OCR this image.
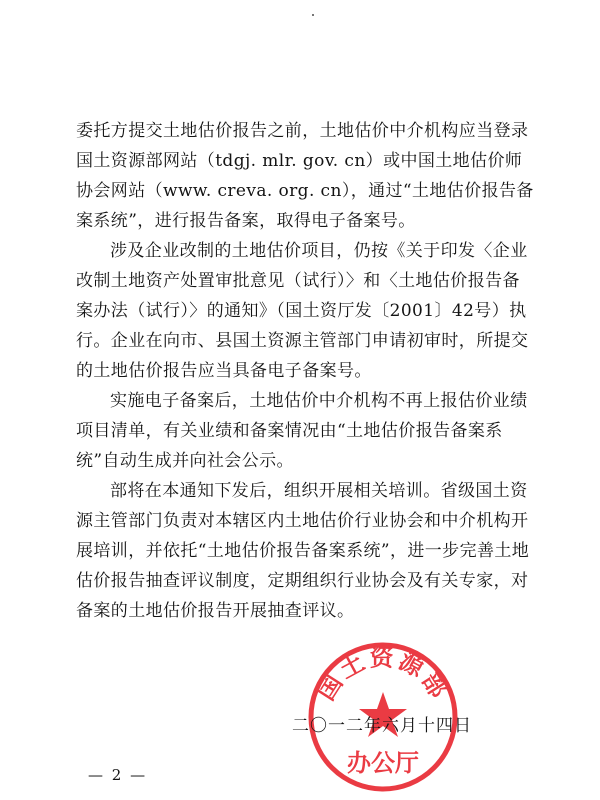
委托方提交土地估价报告之前，土地估价中介机构应当登录国土资源部网站（tdgj. mlr. gov. cn）或中国土地估价师协会网站（www. creva. org. cn），通过“土地估价报告备案系统”，进行报告备案，取得电子备案号。

涉及企业改制的土地估价项目，仍按《关于印发〈企业改制土地资产处置审批意见（试行）〉和〈土地估价报告备案办法（试行）〉的通知》（国土资厅发〔2001〕42号）执行。企业在向市、县国土资源主管部门申请初审时，所提交的土地估价报告应当具备电子备案号。

实施电子备案后，土地估价中介机构不再上报估价业绩项目清单，有关业绩和备案情况由“土地估价报告备案系统”自动生成并向社会公示。

部将在本通知下发后，组织开展相关培训。省级国土资源主管部门负责对本辖区内土地估价行业协会和中介机构开展培训，并依托“土地估价报告备案系统”，进一步完善土地估价报告抽查评议制度，定期组织行业协会及有关专家，对备案的土地估价报告开展抽查评议。

国土资源部
办公厅
二〇一二年六月十四日
— 2 —
